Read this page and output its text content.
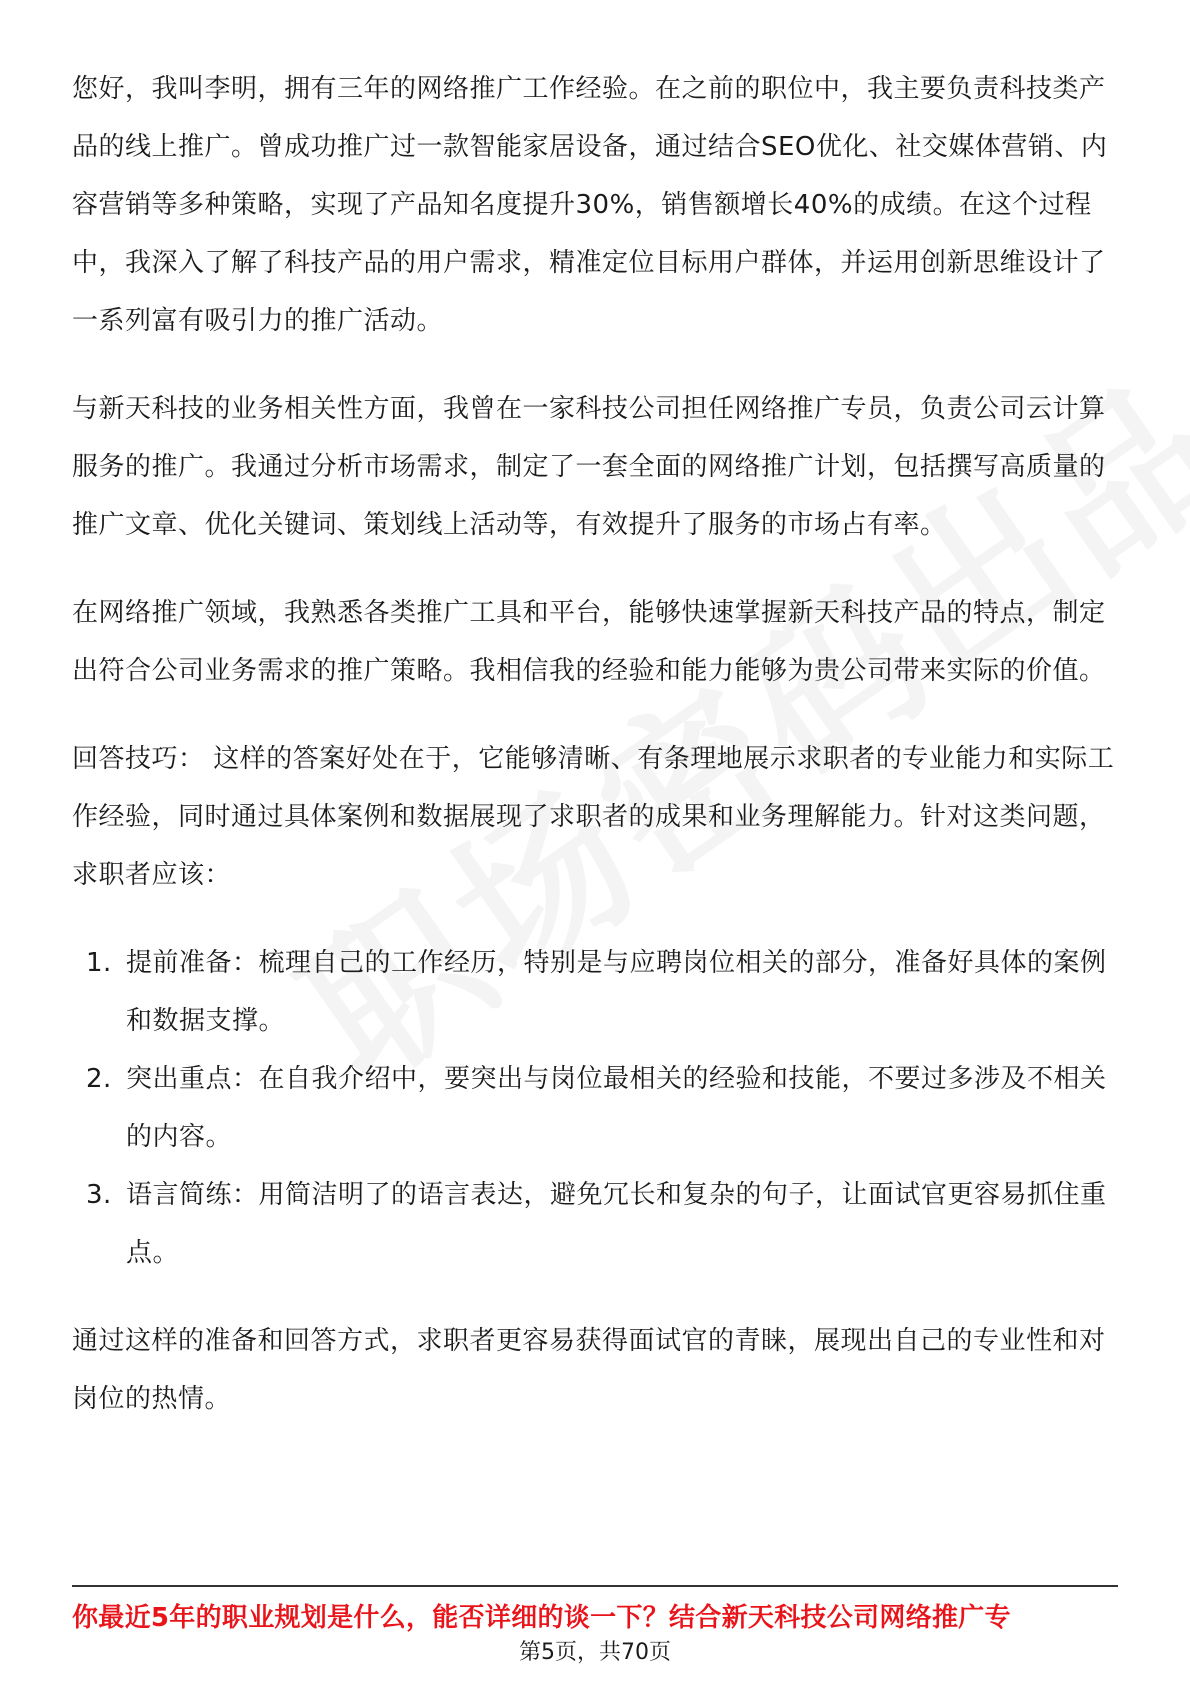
您好，我叫李明，拥有三年的网络推广工作经验。在之前的职位中，我主要负责科技类产品的线上推广。曾成功推广过一款智能家居设备，通过结合SEO优化、社交媒体营销、内容营销等多种策略，实现了产品知名度提升30%，销售额增长40%的成绩。在这个过程中，我深入了解了科技产品的用户需求，精准定位目标用户群体，并运用创新思维设计了一系列富有吸引力的推广活动。

与新天科技的业务相关性方面，我曾在一家科技公司担任网络推广专员，负责公司云计算服务的推广。我通过分析市场需求，制定了一套全面的网络推广计划，包括撰写高质量的推广文章、优化关键词、策划线上活动等，有效提升了服务的市场占有率。

在网络推广领域，我熟悉各类推广工具和平台，能够快速掌握新天科技产品的特点，制定出符合公司业务需求的推广策略。我相信我的经验和能力能够为贵公司带来实际的价值。

回答技巧： 这样的答案好处在于，它能够清晰、有条理地展示求职者的专业能力和实际工作经验，同时通过具体案例和数据展现了求职者的成果和业务理解能力。针对这类问题，求职者应该：

1. 提前准备：梳理自己的工作经历，特别是与应聘岗位相关的部分，准备好具体的案例和数据支撑。
2. 突出重点：在自我介绍中，要突出与岗位最相关的经验和技能，不要过多涉及不相关的内容。
3. 语言简练：用简洁明了的语言表达，避免冗长和复杂的句子，让面试官更容易抓住重点。

通过这样的准备和回答方式，求职者更容易获得面试官的青睐，展现出自己的专业性和对岗位的热情。

你最近5年的职业规划是什么，能否详细的谈一下？结合新天科技公司网络推广专
第5页，共70页
